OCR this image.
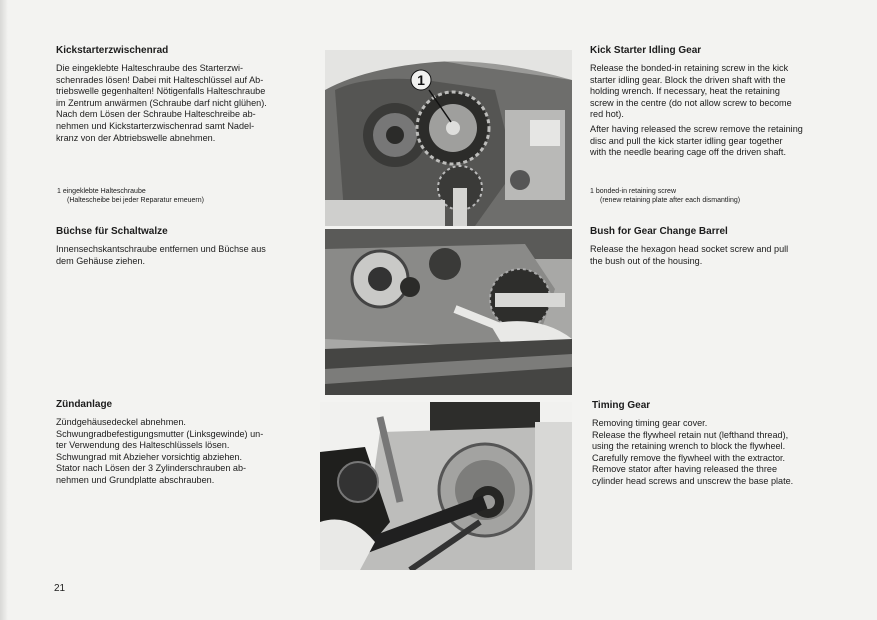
Kickstarterzwischenrad
Die eingeklebte Halteschraube des Starterzwi-
schenrades lösen! Dabei mit Halteschlüssel auf Ab-
triebswelle gegenhalten! Nötigenfalls Halteschraube
im Zentrum anwärmen (Schraube darf nicht glühen).
Nach dem Lösen der Schraube Halteschreibe ab-
nehmen und Kickstarterzwischenrad samt Nadel-
kranz von der Abtriebswelle abnehmen.
1 eingeklebte Halteschraube
(Haltescheibe bei jeder Reparatur erneuern)
Büchse für Schaltwalze
Innensechskantschraube entfernen und Büchse aus
dem Gehäuse ziehen.
Zündanlage
Zündgehäusedeckel abnehmen.
Schwungradbefestigungsmutter (Linksgewinde) un-
ter Verwendung des Halteschlüssels lösen.
Schwungrad mit Abzieher vorsichtig abziehen.
Stator nach Lösen der 3 Zylinderschrauben ab-
nehmen und Grundplatte abschrauben.
1
Kick Starter Idling Gear
Release the bonded-in retaining screw in the kick
starter idling gear. Block the driven shaft with the
holding wrench. If necessary, heat the retaining
screw in the centre (do not allow screw to become
red hot).
After having released the screw remove the retaining
disc and pull the kick starter idling gear together
with the needle bearing cage off the driven shaft.
1 bonded-in retaining screw
(renew retaining plate after each dismantling)
Bush for Gear Change Barrel
Release the hexagon head socket screw and pull
the bush out of the housing.
Timing Gear
Removing timing gear cover.
Release the flywheel retain nut (lefthand thread),
using the retaining wrench to block the flywheel.
Carefully remove the flywheel with the extractor.
Remove stator after having released the three
cylinder head screws and unscrew the base plate.
21
